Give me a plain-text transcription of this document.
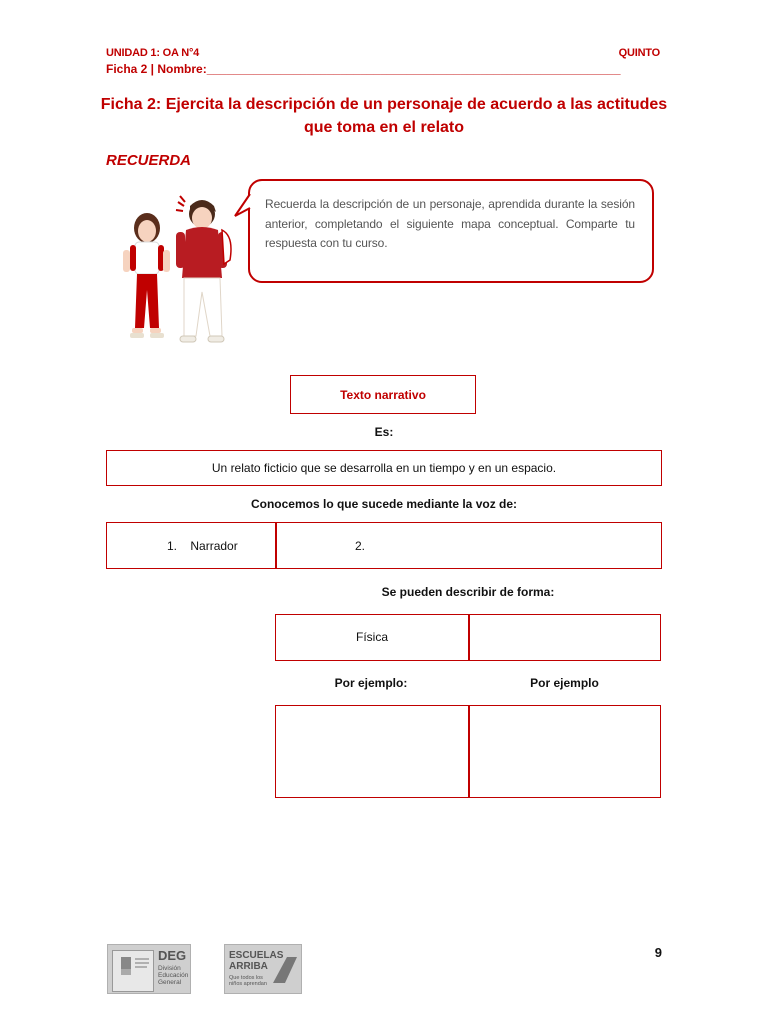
UNIDAD 1: OA N°4	QUINTO
Ficha 2 | Nombre:______________________________________________________________
Ficha 2: Ejercita la descripción de un personaje de acuerdo a las actitudes
que toma en el relato
RECUERDA
Recuerda la descripción de un personaje, aprendida durante la sesión anterior, completando el siguiente mapa conceptual. Comparte tu respuesta con tu curso.
Texto narrativo
Es:
Un relato ficticio que se desarrolla en un tiempo y en un espacio.
Conocemos lo que sucede mediante la voz de:
1. Narrador	2.
Se pueden describir de forma:
Física
Por ejemplo:	Por ejemplo
9
DEG
División Educación General
ESCUELAS ARRIBA
Que todos los niños aprendan
